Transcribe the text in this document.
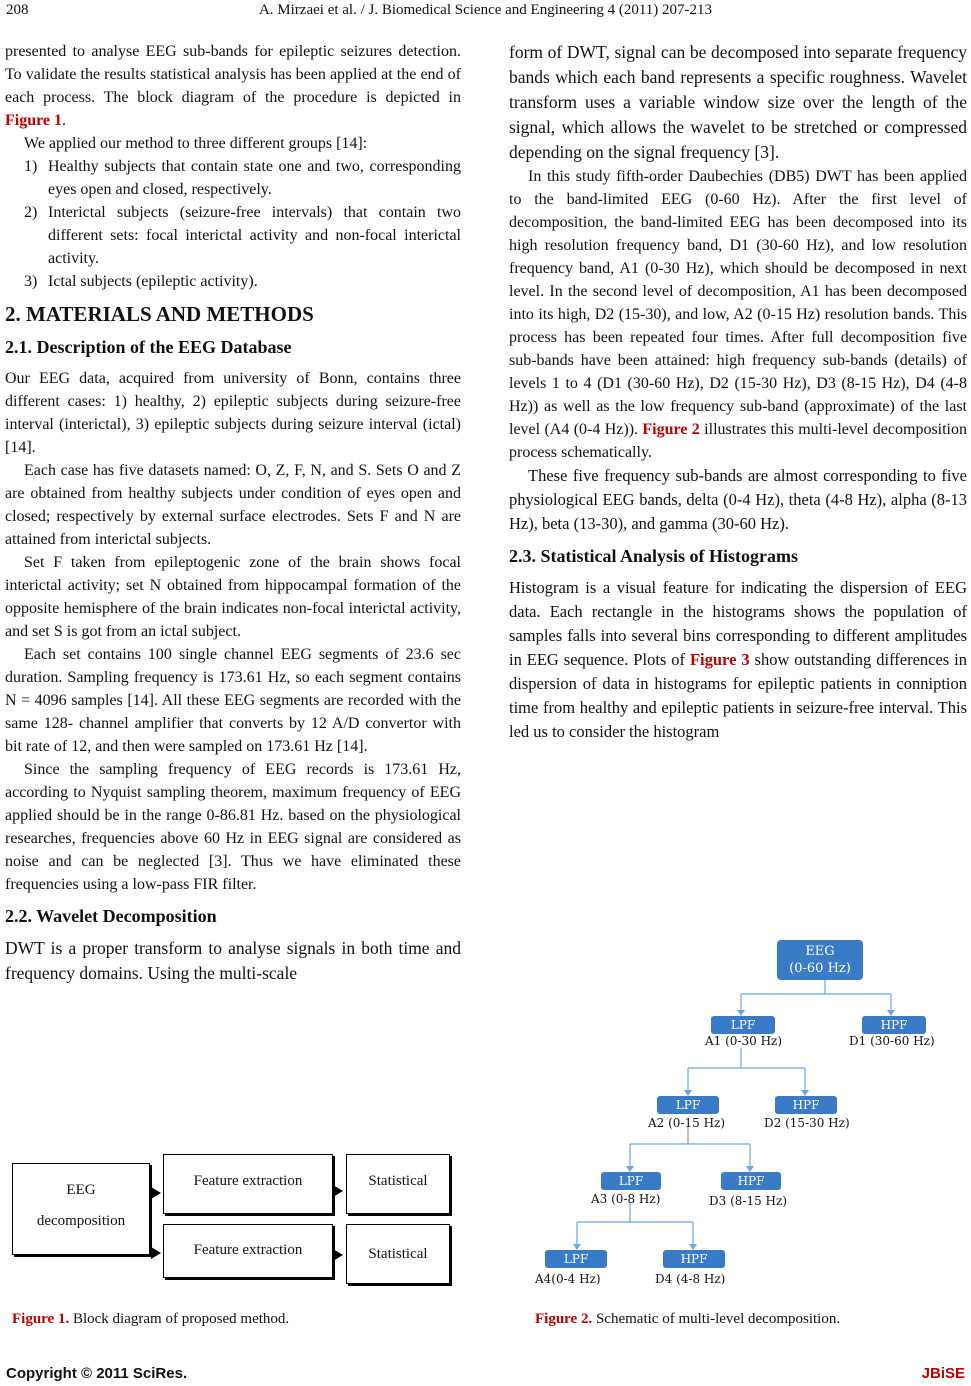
208	A. Mirzaei et al. / J. Biomedical Science and Engineering 4 (2011) 207-213

presented to analyse EEG sub-bands for epileptic seizures detection. To validate the results statistical analysis has been applied at the end of each process. The block diagram of the procedure is depicted in Figure 1.

We applied our method to three different groups [14]:

1) Healthy subjects that contain state one and two, corresponding eyes open and closed, respectively.
2) Interictal subjects (seizure-free intervals) that contain two different sets: focal interictal activity and non-focal interictal activity.
3) Ictal subjects (epileptic activity).
2. MATERIALS AND METHODS
2.1. Description of the EEG Database

Our EEG data, acquired from university of Bonn, contains three different cases: 1) healthy, 2) epileptic subjects during seizure-free interval (interictal), 3) epileptic subjects during seizure interval (ictal) [14].

Each case has five datasets named: O, Z, F, N, and S. Sets O and Z are obtained from healthy subjects under condition of eyes open and closed; respectively by external surface electrodes. Sets F and N are attained from interictal subjects.

Set F taken from epileptogenic zone of the brain shows focal interictal activity; set N obtained from hippocampal formation of the opposite hemisphere of the brain indicates non-focal interictal activity, and set S is got from an ictal subject.

Each set contains 100 single channel EEG segments of 23.6 sec duration. Sampling frequency is 173.61 Hz, so each segment contains N = 4096 samples [14]. All these EEG segments are recorded with the same 128- channel amplifier that converts by 12 A/D convertor with bit rate of 12, and then were sampled on 173.61 Hz [14].

Since the sampling frequency of EEG records is 173.61 Hz, according to Nyquist sampling theorem, maximum frequency of EEG applied should be in the range 0-86.81 Hz. based on the physiological researches, frequencies above 60 Hz in EEG signal are considered as noise and can be neglected [3]. Thus we have eliminated these frequencies using a low-pass FIR filter.

2.2. Wavelet Decomposition

DWT is a proper transform to analyse signals in both time and frequency domains. Using the multi-scale

EEG
decomposition
Feature extraction
Feature extraction
Statistical
Statistical
Figure 1. Block diagram of proposed method.

form of DWT, signal can be decomposed into separate frequency bands which each band represents a specific roughness. Wavelet transform uses a variable window size over the length of the signal, which allows the wavelet to be stretched or compressed depending on the signal frequency [3].

In this study fifth-order Daubechies (DB5) DWT has been applied to the band-limited EEG (0-60 Hz). After the first level of decomposition, the band-limited EEG has been decomposed into its high resolution frequency band, D1 (30-60 Hz), and low resolution frequency band, A1 (0-30 Hz), which should be decomposed in next level. In the second level of decomposition, A1 has been decomposed into its high, D2 (15-30), and low, A2 (0-15 Hz) resolution bands. This process has been repeated four times. After full decomposition five sub-bands have been attained: high frequency sub-bands (details) of levels 1 to 4 (D1 (30-60 Hz), D2 (15-30 Hz), D3 (8-15 Hz), D4 (4-8 Hz)) as well as the low frequency sub-band (approximate) of the last level (A4 (0-4 Hz)). Figure 2 illustrates this multi-level decomposition process schematically.

These five frequency sub-bands are almost corresponding to five physiological EEG bands, delta (0-4 Hz), theta (4-8 Hz), alpha (8-13 Hz), beta (13-30), and gamma (30-60 Hz).

2.3. Statistical Analysis of Histograms

Histogram is a visual feature for indicating the dispersion of EEG data. Each rectangle in the histograms shows the population of samples falls into several bins corresponding to different amplitudes in EEG sequence. Plots of Figure 3 show outstanding differences in dispersion of data in histograms for epileptic patients in conniption time from healthy and epileptic patients in seizure-free interval. This led us to consider the histogram

EEG
(0-60 Hz)
LPF	HPF
A1 (0-30 Hz)	D1 (30-60 Hz)
LPF	HPF
A2 (0-15 Hz)	D2 (15-30 Hz)
LPF	HPF
A3 (0-8 Hz)	D3 (8-15 Hz)
LPF	HPF
A4(0-4 Hz)	D4 (4-8 Hz)
Figure 2. Schematic of multi-level decomposition.
Copyright © 2011 SciRes.	JBiSE
